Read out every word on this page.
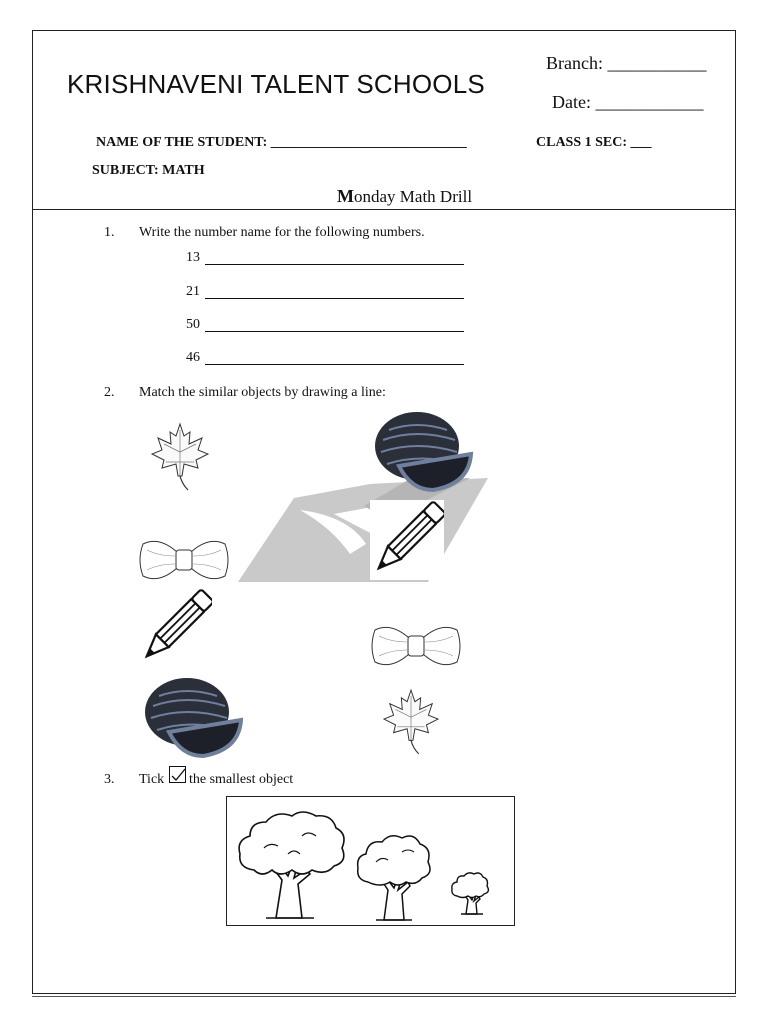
KRISHNAVENI TALENT SCHOOLS
Branch: ___________
Date: ____________
NAME OF THE STUDENT: ____________________________	CLASS 1 SEC: ___
SUBJECT: MATH
Monday Math Drill
1. Write the number name for the following numbers.
13
21
50
46
2. Match the similar objects by drawing a line:
3. Tick the smallest object
